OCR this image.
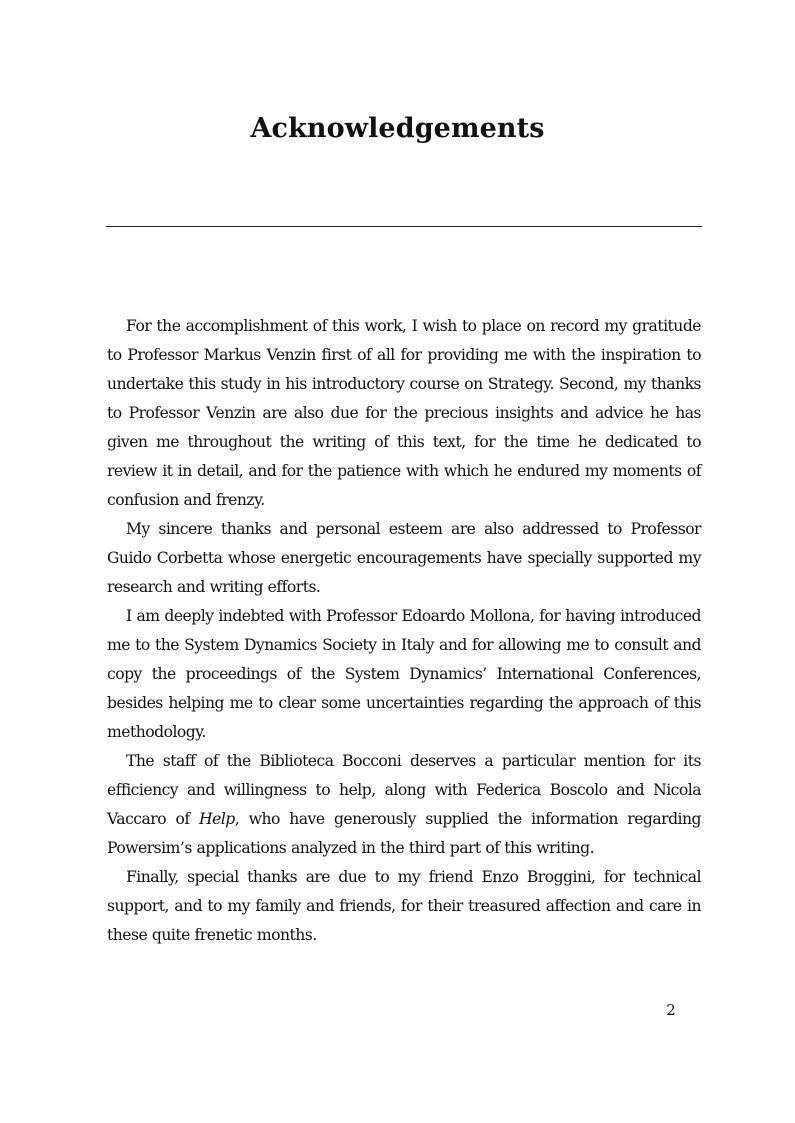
Acknowledgements

For the accomplishment of this work, I wish to place on record my gratitude to Professor Markus Venzin first of all for providing me with the inspiration to undertake this study in his introductory course on Strategy. Second, my thanks to Professor Venzin are also due for the precious insights and advice he has given me throughout the writing of this text, for the time he dedicated to review it in detail, and for the patience with which he endured my moments of confusion and frenzy.

My sincere thanks and personal esteem are also addressed to Professor Guido Corbetta whose energetic encouragements have specially supported my research and writing efforts.

I am deeply indebted with Professor Edoardo Mollona, for having introduced me to the System Dynamics Society in Italy and for allowing me to consult and copy the proceedings of the System Dynamics’ International Conferences, besides helping me to clear some uncertainties regarding the approach of this methodology.

The staff of the Biblioteca Bocconi deserves a particular mention for its efficiency and willingness to help, along with Federica Boscolo and Nicola Vaccaro of Help, who have generously supplied the information regarding Powersim’s applications analyzed in the third part of this writing.

Finally, special thanks are due to my friend Enzo Broggini, for technical support, and to my family and friends, for their treasured affection and care in these quite frenetic months.

2
